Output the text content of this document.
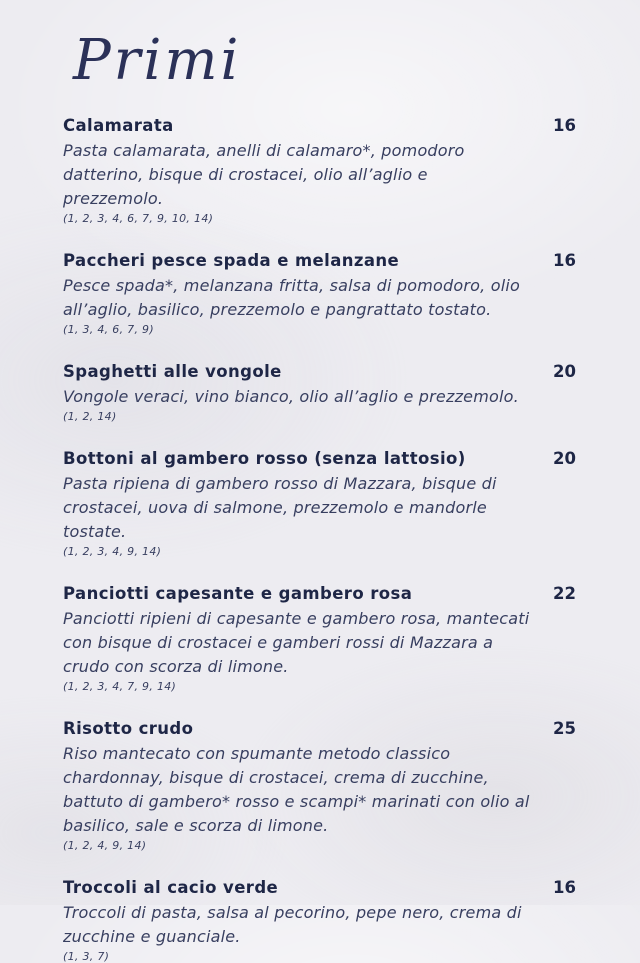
Primi
Calamarata	16

Pasta calamarata, anelli di calamaro*, pomodoro datterino, bisque di crostacei, olio all’aglio e prezzemolo.

(1, 2, 3, 4, 6, 7, 9, 10, 14)

Paccheri pesce spada e melanzane	16

Pesce spada*, melanzana fritta, salsa di pomodoro, olio all’aglio, basilico, prezzemolo e pangrattato tostato.

(1, 3, 4, 6, 7, 9)

Spaghetti alle vongole	20

Vongole veraci, vino bianco, olio all’aglio e prezzemolo.

(1, 2, 14)

Bottoni al gambero rosso (senza lattosio)	20

Pasta ripiena di gambero rosso di Mazzara, bisque di crostacei, uova di salmone, prezzemolo e mandorle tostate.

(1, 2, 3, 4, 9, 14)

Panciotti capesante e gambero rosa	22

Panciotti ripieni di capesante e gambero rosa, mantecati con bisque di crostacei e gamberi rossi di Mazzara a crudo con scorza di limone.

(1, 2, 3, 4, 7, 9, 14)

Risotto crudo	25

Riso mantecato con spumante metodo classico chardonnay, bisque di crostacei, crema di zucchine, battuto di gambero* rosso e scampi* marinati con olio al basilico, sale e scorza di limone.

(1, 2, 4, 9, 14)

Troccoli al cacio verde	16

Troccoli di pasta, salsa al pecorino, pepe nero, crema di zucchine e guanciale.

(1, 3, 7)
